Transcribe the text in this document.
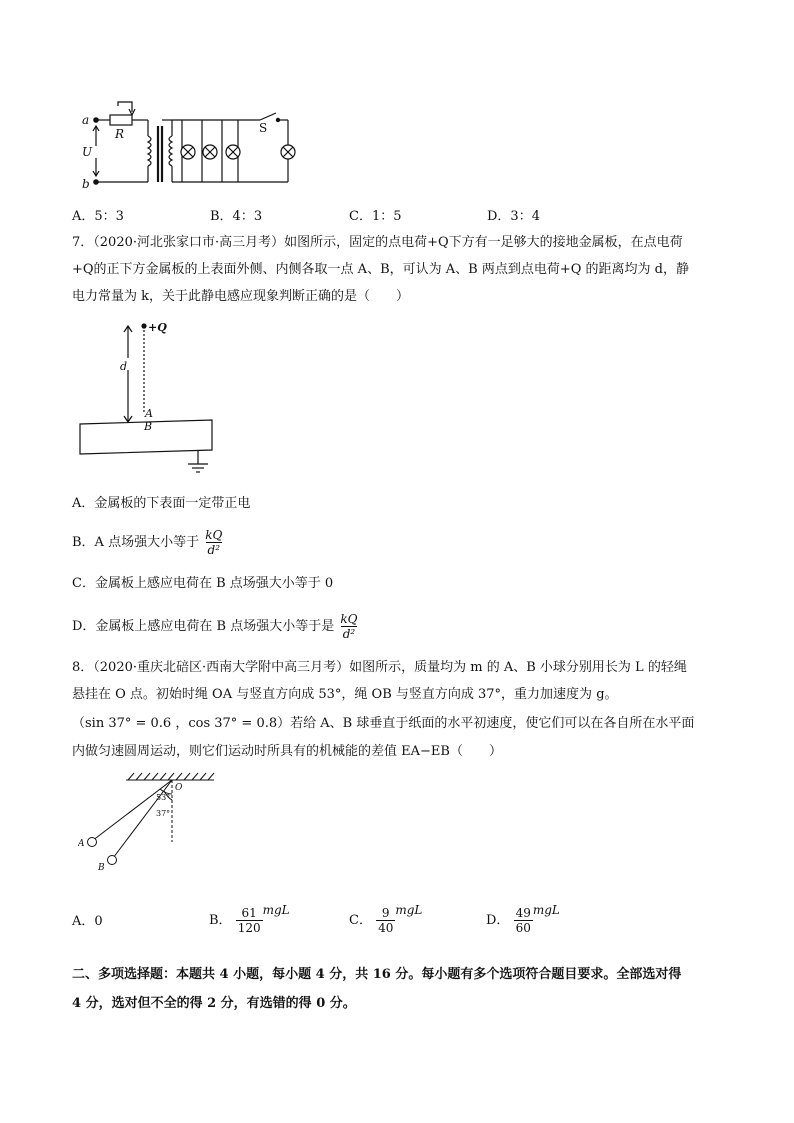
a
b
R
U
S
A．5：3	B．4：3	C．1：5	D．3：4
7．（2020·河北张家口市·高三月考）如图所示，固定的点电荷+Q下方有一足够大的接地金属板，在点电荷
+Q的正下方金属板的上表面外侧、内侧各取一点 A、B，可认为 A、B 两点到点电荷+Q 的距离均为 d，静
电力常量为 k，关于此静电感应现象判断正确的是（　　）
+Q
d
A
B
A．金属板的下表面一定带正电
B．A 点场强大小等于 $\frac{kQ}{\text{d²}}$
C．金属板上感应电荷在 B 点场强大小等于 0
D．金属板上感应电荷在 B 点场强大小等于是 $\frac{kQ}{\text{d²}}$
8．（2020·重庆北碚区·西南大学附中高三月考）如图所示，质量均为 m 的 A、B 小球分别用长为 L 的轻绳
悬挂在 O 点。初始时绳 OA 与竖直方向成 53°，绳 OB 与竖直方向成 37°，重力加速度为 g。
（sin 37° = 0.6 ，cos 37° = 0.8）若给 A、B 球垂直于纸面的水平初速度，使它们可以在各自所在水平面
内做匀速圆周运动，则它们运动时所具有的机械能的差值 EA−EB（　　）
O
53°
37°
A
B
A．0	B． $\frac{61}{120}$ mgL
C． $\frac{9}{40}$ mgL
D． $\frac{49}{60}$ mgL
二、多项选择题：本题共 4 小题，每小题 4 分，共 16 分。每小题有多个选项符合题目要求。全部选对得
4 分，选对但不全的得 2 分，有选错的得 0 分。
